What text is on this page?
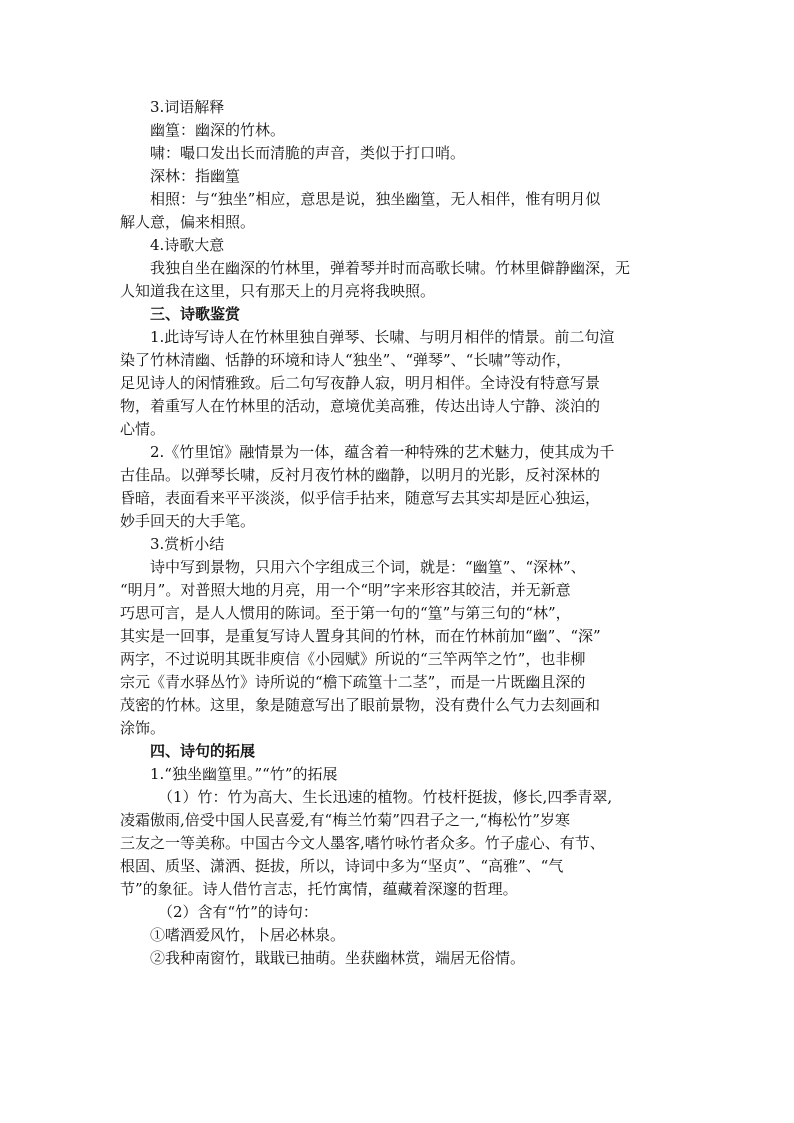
3.词语解释
幽篁：幽深的竹林。
啸：嘬口发出长而清脆的声音，类似于打口哨。
深林：指幽篁
相照：与“独坐”相应，意思是说，独坐幽篁，无人相伴，惟有明月似
解人意，偏来相照。
4.诗歌大意
我独自坐在幽深的竹林里，弹着琴并时而高歌长啸。竹林里僻静幽深，无
人知道我在这里，只有那天上的月亮将我映照。
三、诗歌鉴赏
1.此诗写诗人在竹林里独自弹琴、长啸、与明月相伴的情景。前二句渲
染了竹林清幽、恬静的环境和诗人“独坐”、“弹琴”、“长啸”等动作，
足见诗人的闲情雅致。后二句写夜静人寂，明月相伴。全诗没有特意写景
物，着重写人在竹林里的活动，意境优美高雅，传达出诗人宁静、淡泊的
心情。
2.《竹里馆》融情景为一体，蕴含着一种特殊的艺术魅力，使其成为千
古佳品。以弹琴长啸，反衬月夜竹林的幽静，以明月的光影，反衬深林的
昏暗，表面看来平平淡淡，似乎信手拈来，随意写去其实却是匠心独运，
妙手回天的大手笔。
3.赏析小结
诗中写到景物，只用六个字组成三个词，就是：“幽篁”、“深林”、
“明月”。对普照大地的月亮，用一个“明”字来形容其皎洁，并无新意
巧思可言，是人人惯用的陈词。至于第一句的“篁”与第三句的“林”，
其实是一回事，是重复写诗人置身其间的竹林，而在竹林前加“幽”、“深”
两字，不过说明其既非庾信《小园赋》所说的“三竿两竿之竹”，也非柳
宗元《青水驿丛竹》诗所说的“檐下疏篁十二茎”，而是一片既幽且深的
茂密的竹林。这里，象是随意写出了眼前景物，没有费什么气力去刻画和
涂饰。
四、诗句的拓展
1.“独坐幽篁里。”“竹”的拓展
（1）竹：竹为高大、生长迅速的植物。竹枝杆挺拔，修长,四季青翠,
凌霜傲雨,倍受中国人民喜爱,有“梅兰竹菊”四君子之一,“梅松竹”岁寒
三友之一等美称。中国古今文人墨客,嗜竹咏竹者众多。竹子虚心、有节、
根固、质坚、潇洒、挺拔，所以，诗词中多为“坚贞”、“高雅”、“气
节”的象征。诗人借竹言志，托竹寓情，蕴藏着深邃的哲理。
（2）含有“竹”的诗句：
①嗜酒爱风竹，卜居必林泉。
②我种南窗竹，戢戢已抽萌。坐获幽林赏，端居无俗情。
